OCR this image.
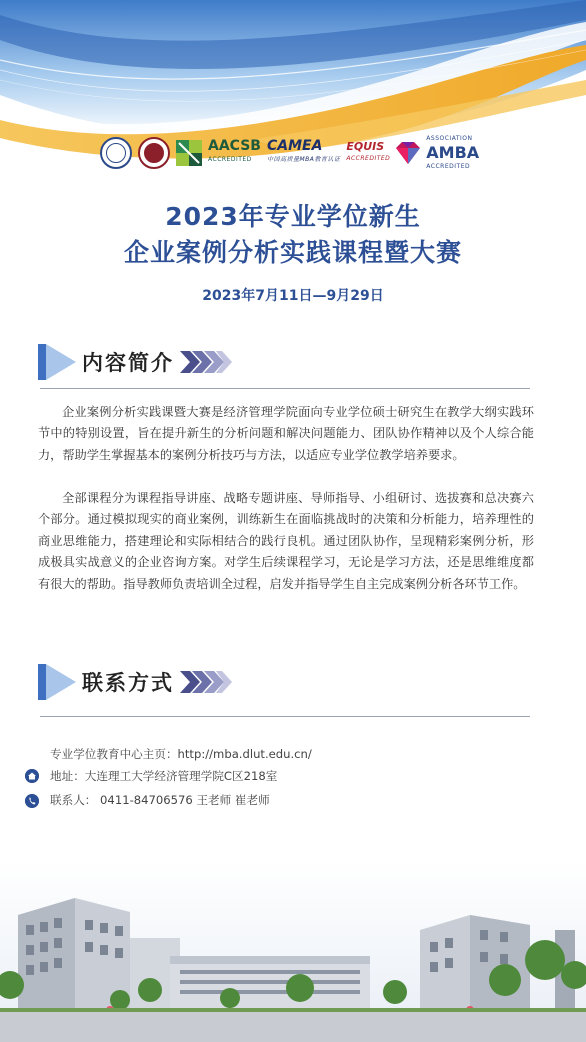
AACSB
ACCREDITED
CAMEA
中国高质量MBA教育认证
EQUIS
ACCREDITED
ASSOCIATION
AMBA
ACCREDITED
2023年专业学位新生
企业案例分析实践课程暨大赛
2023年7月11日—9月29日
内容简介
企业案例分析实践课暨大赛是经济管理学院面向专业学位硕士研究生在教学大纲实践环节中的特别设置，旨在提升新生的分析问题和解决问题能力、团队协作精神以及个人综合能力，帮助学生掌握基本的案例分析技巧与方法，以适应专业学位教学培养要求。
全部课程分为课程指导讲座、战略专题讲座、导师指导、小组研讨、选拔赛和总决赛六个部分。通过模拟现实的商业案例，训练新生在面临挑战时的决策和分析能力，培养理性的商业思维能力，搭建理论和实际相结合的践行良机。通过团队协作，呈现精彩案例分析，形成极具实战意义的企业咨询方案。对学生后续课程学习，无论是学习方法，还是思维维度都有很大的帮助。指导教师负责培训全过程，启发并指导学生自主完成案例分析各环节工作。
联系方式
专业学位教育中心主页：http://mba.dlut.edu.cn/
地址：大连理工大学经济管理学院C区218室
联系人： 0411-84706576 王老师 崔老师
